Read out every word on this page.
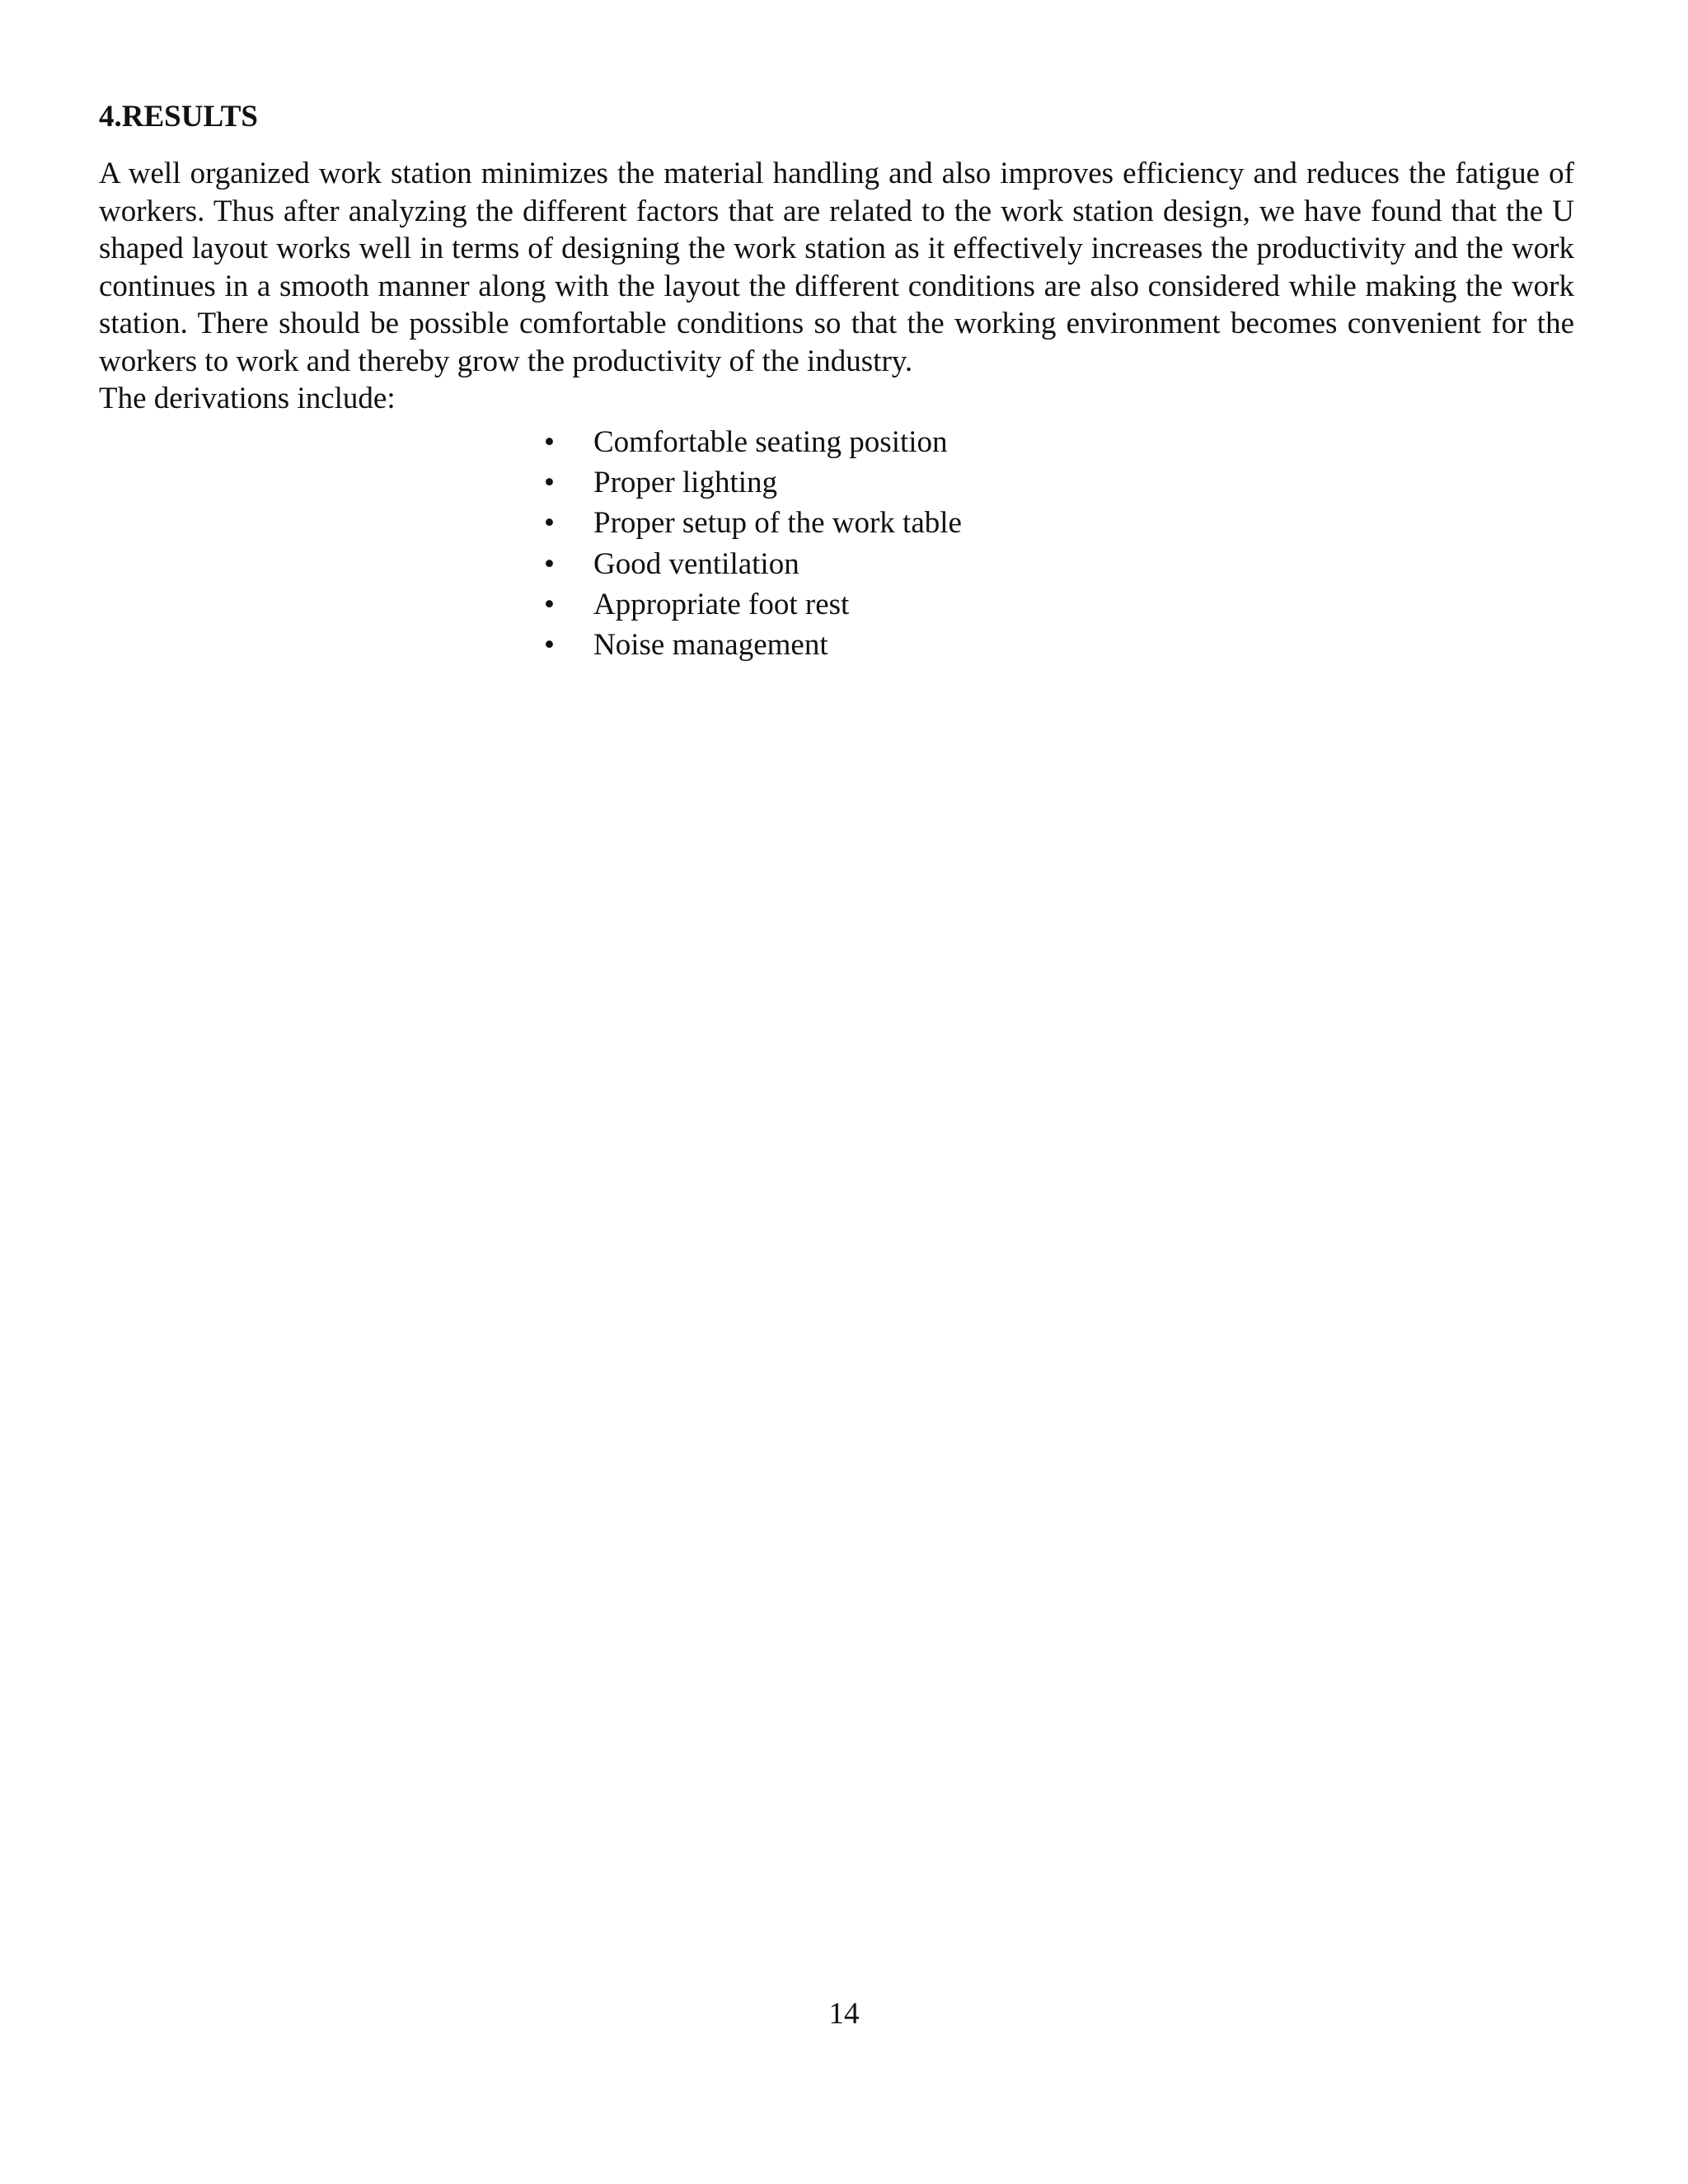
4.RESULTS

A well organized work station minimizes the material handling and also improves efficiency and reduces the fatigue of workers. Thus after analyzing the different factors that are related to the work station design, we have found that the U shaped layout works well in terms of designing the work station as it effectively increases the productivity and the work continues in a smooth manner along with the layout the different conditions are also considered while making the work station. There should be possible comfortable conditions so that the working environment becomes convenient for the workers to work and thereby grow the productivity of the industry.
The derivations include:

•	Comfortable seating position
•	Proper lighting
•	Proper setup of the work table
•	Good ventilation
•	Appropriate foot rest
•	Noise management
14
